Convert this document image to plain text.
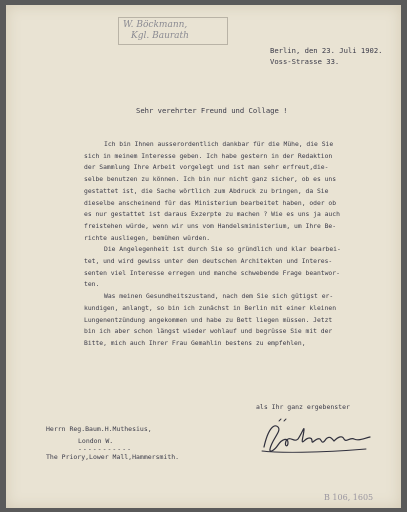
W. Böckmann,
Kgl. Baurath
Berlin, den 23. Juli 1902.
Voss-Strasse 33.
Sehr verehrter Freund und Collage !
Ich bin Ihnen ausserordentlich dankbar für die Mühe, die Sie
sich in meinem Interesse geben. Ich habe gestern in der Redaktion
der Sammlung Ihre Arbeit vorgelegt und ist man sehr erfreut,die-
selbe benutzen zu können. Ich bin nur nicht ganz sicher, ob es uns
gestattet ist, die Sache wörtlich zum Abdruck zu bringen, da Sie
dieselbe anscheinend für das Ministerium bearbeitet haben, oder ob
es nur gestattet ist daraus Exzerpte zu machen ? Wie es uns ja auch
freistehen würde, wenn wir uns vom Handelsministerium, um Ihre Be-
richte ausliegen, bemühen würden.
Die Angelegenheit ist durch Sie so gründlich und klar bearbei-
tet, und wird gewiss unter den deutschen Architekten und Interes-
senten viel Interesse erregen und manche schwebende Frage beantwor-
ten.
Was meinen Gesundheitszustand, nach dem Sie sich gütigst er-
kundigen, anlangt, so bin ich zunächst in Berlin mit einer kleinen
Lungenentzündung angekommen und habe zu Bett liegen müssen. Jetzt
bin ich aber schon längst wieder wohlauf und begrüsse Sie mit der
Bitte, mich auch Ihrer Frau Gemahlin bestens zu empfehlen,
als Ihr ganz ergebenster
Herrn Reg.Baum.H.Muthesius,
London W.
-----------
The Priory,Lower Mall,Hammersmith.
B 106, 1605
